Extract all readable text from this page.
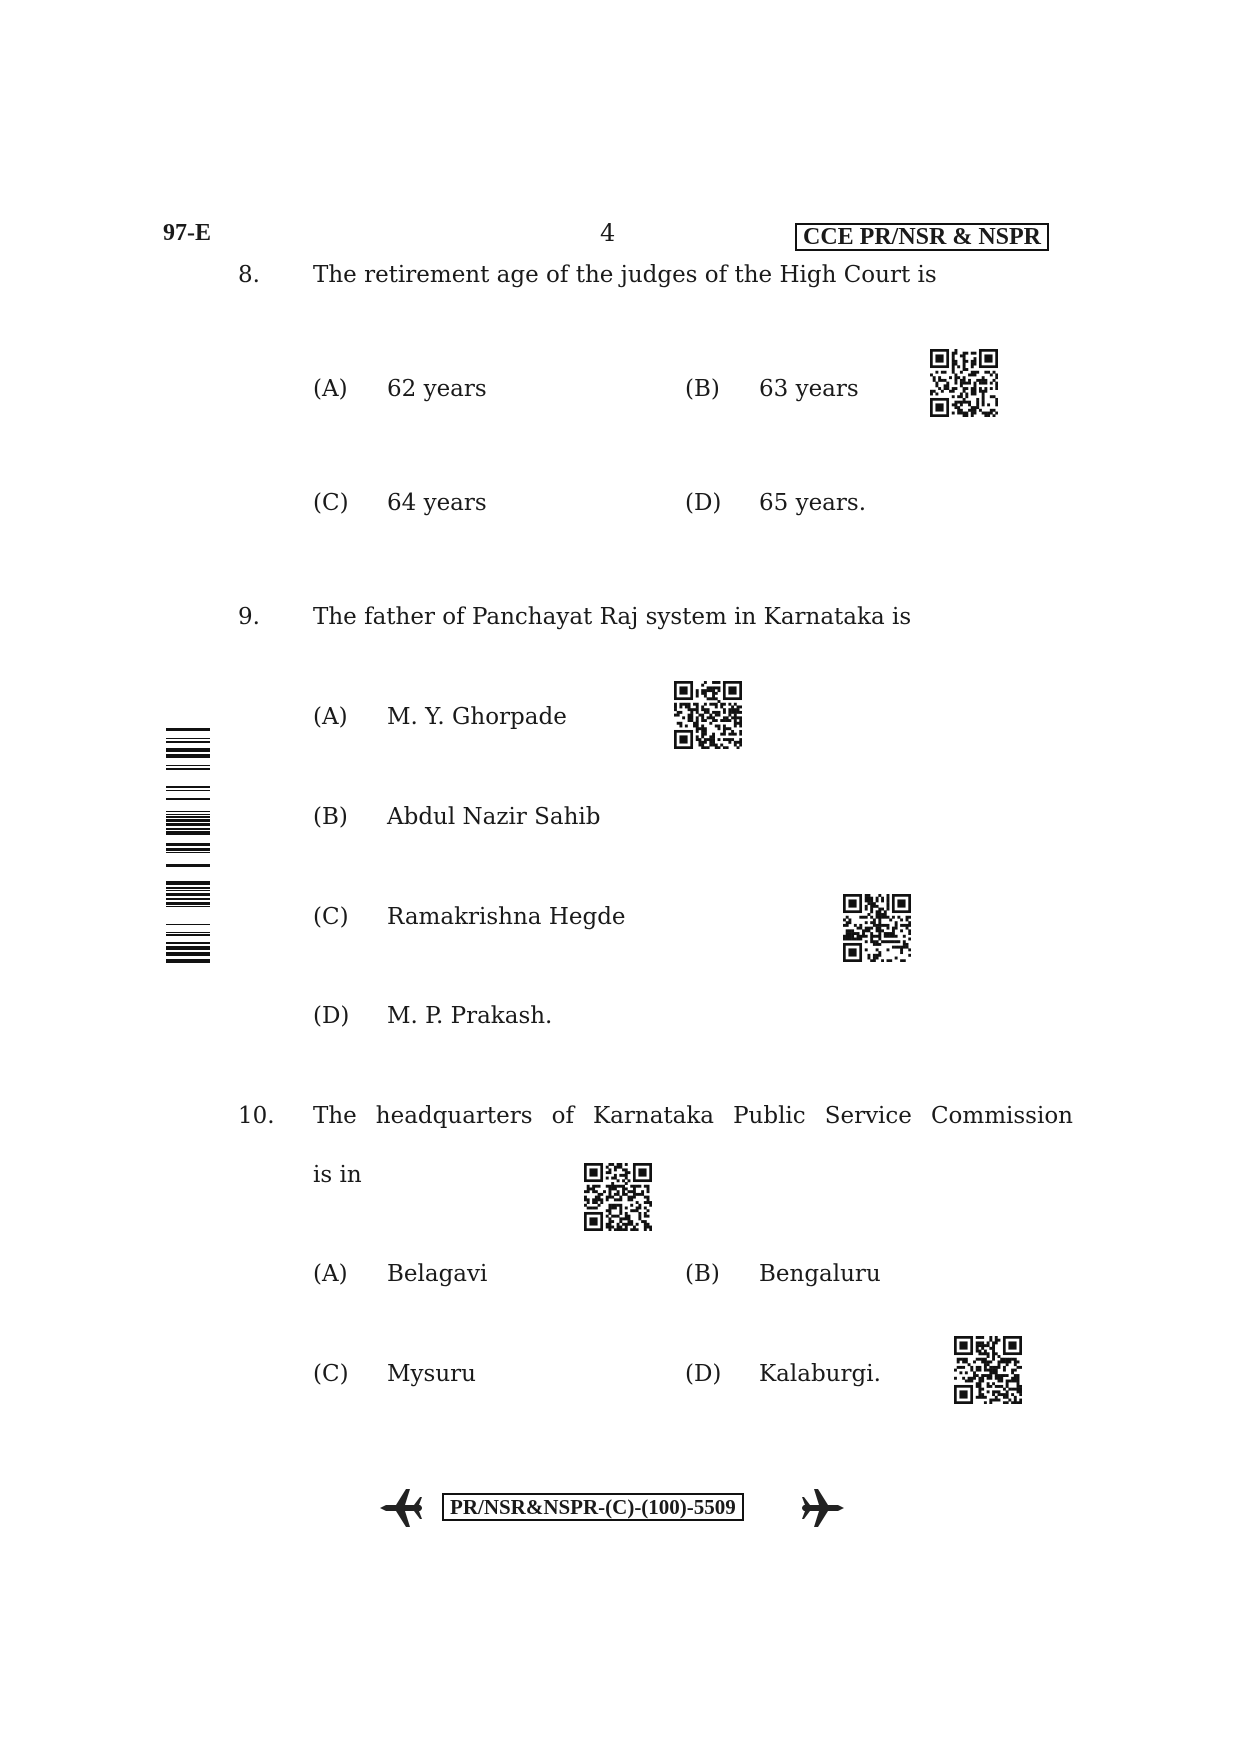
97-E	4	CCE PR/NSR & NSPR
8. The retirement age of the judges of the High Court is
(A) 62 years	(B) 63 years
(C) 64 years	(D) 65 years.
9. The father of Panchayat Raj system in Karnataka is
(A) M. Y. Ghorpade
(B) Abdul Nazir Sahib
(C) Ramakrishna Hegde
(D) M. P. Prakash.
10. The headquarters of Karnataka Public Service Commission
is in
(A) Belagavi	(B) Bengaluru
(C) Mysuru	(D) Kalaburgi.
PR/NSR&NSPR-(C)-(100)-5509
